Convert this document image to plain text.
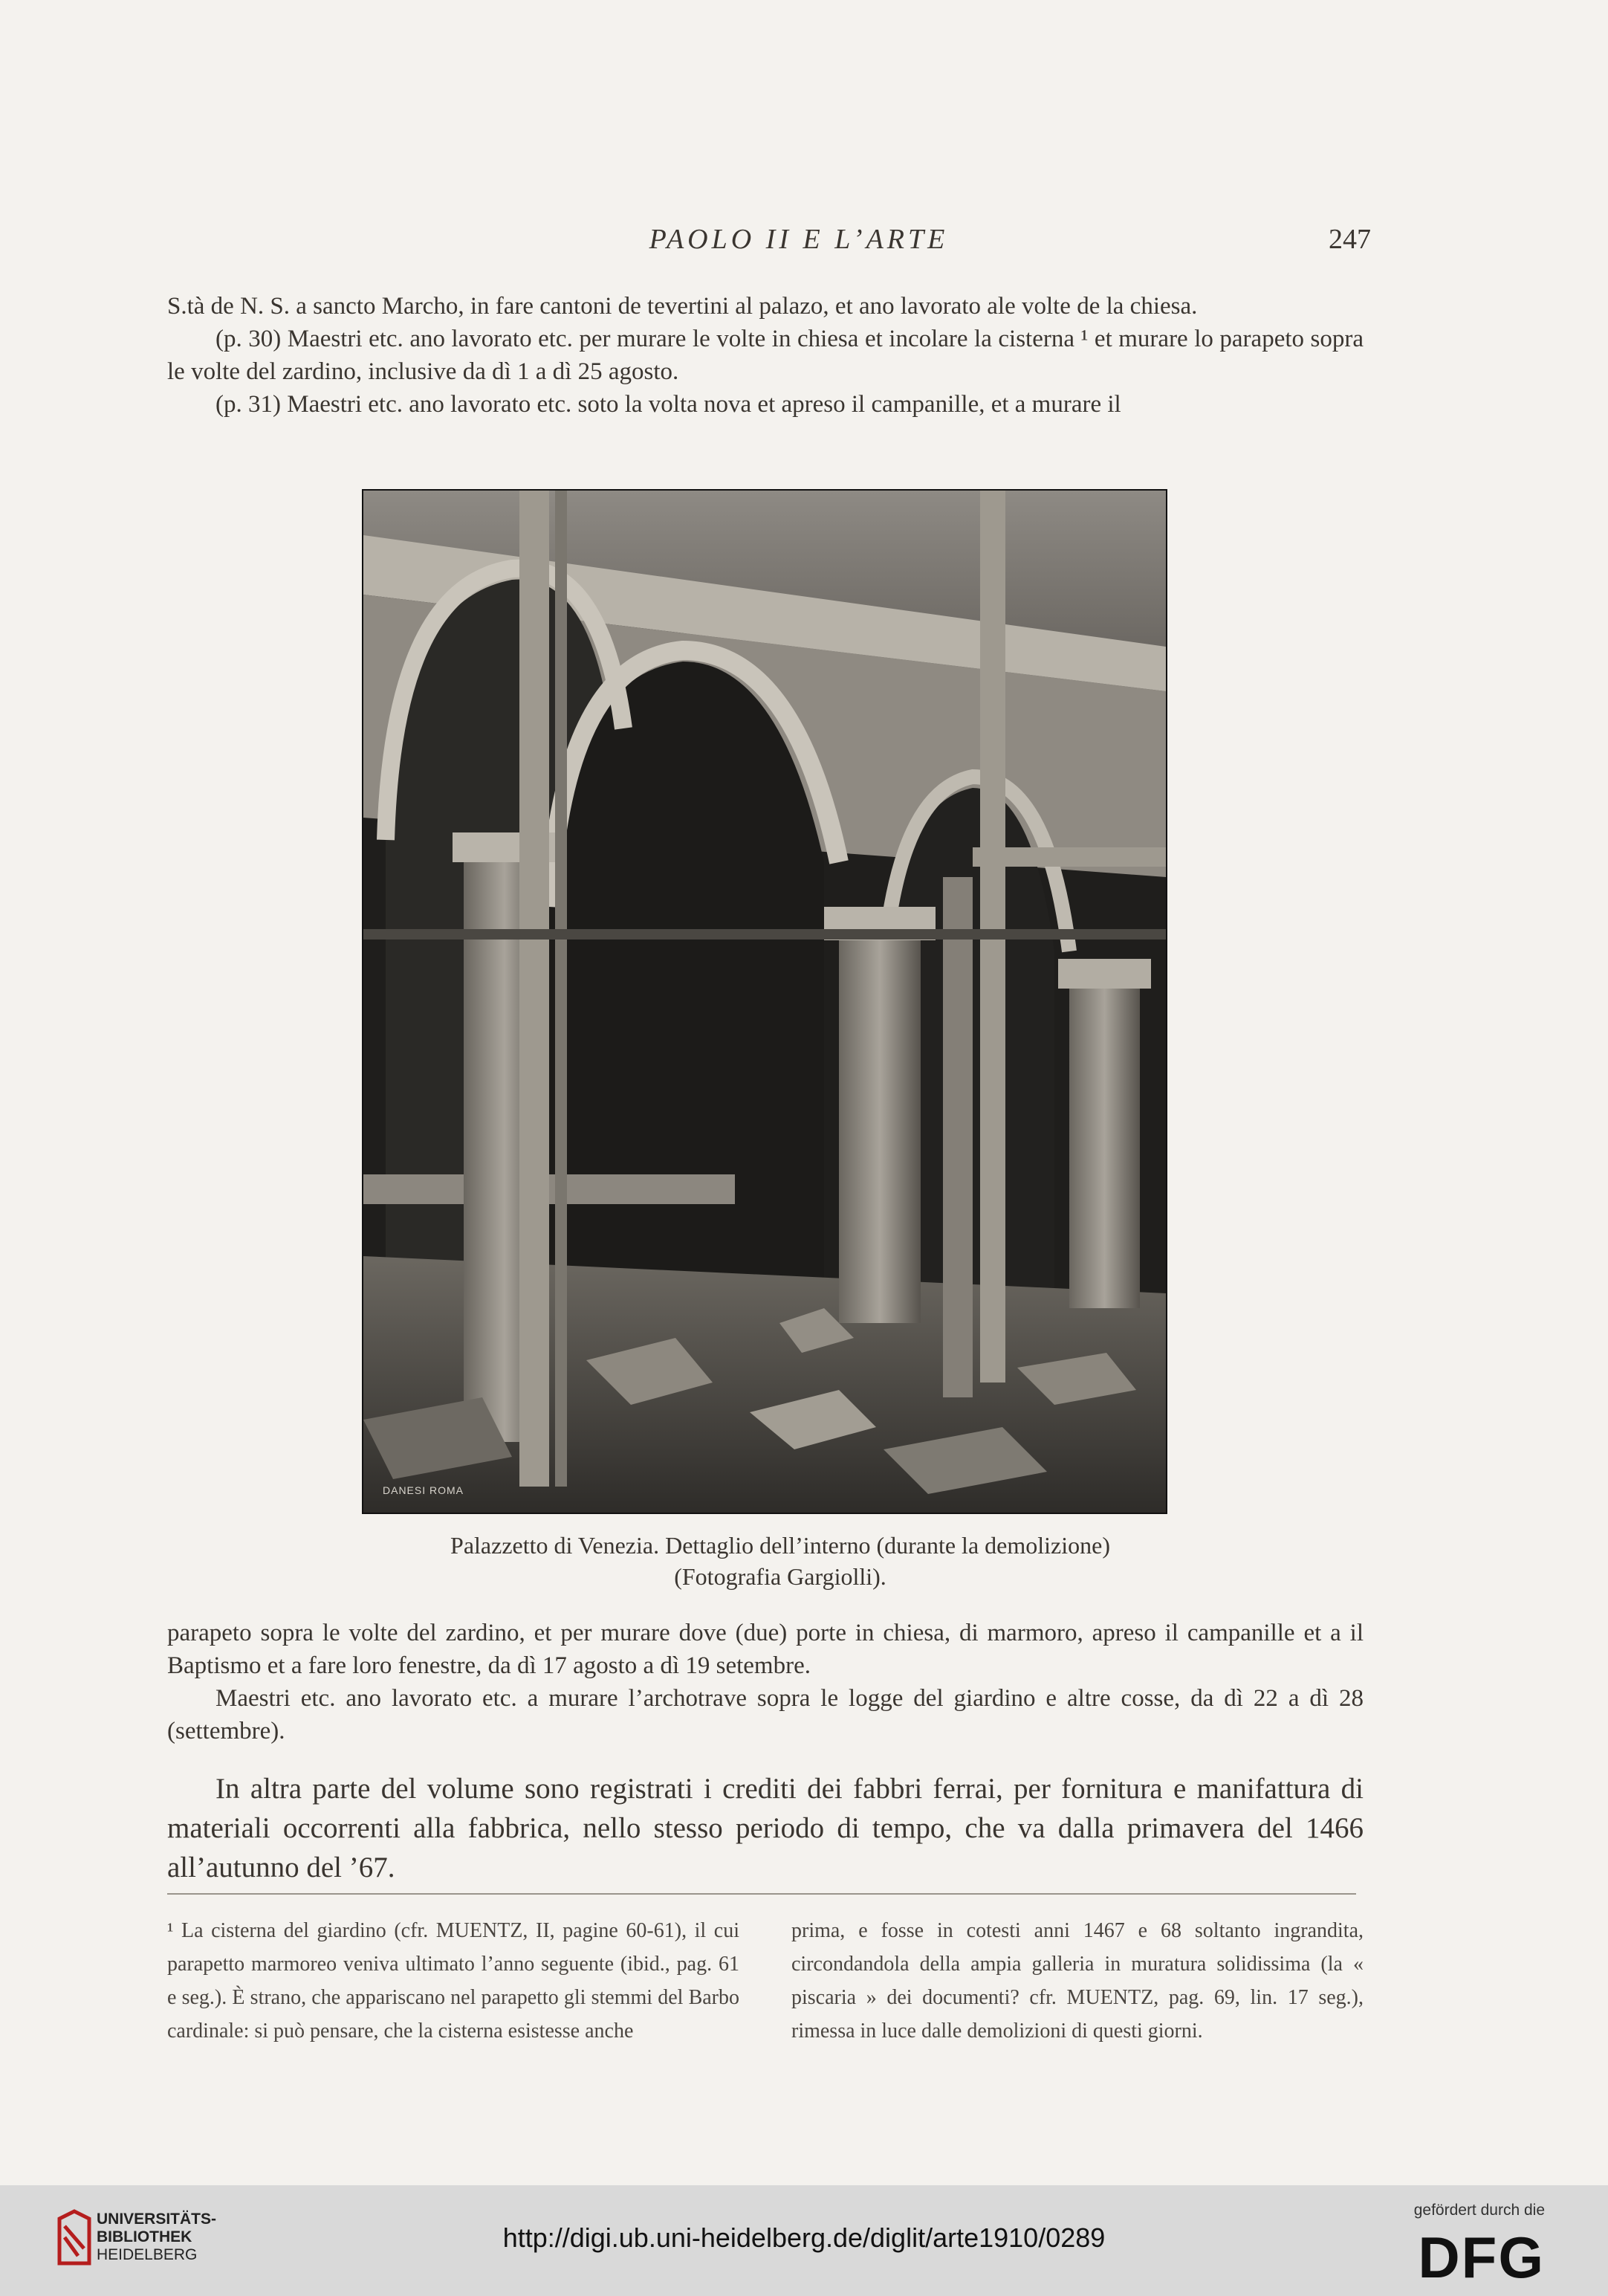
PAOLO II E L’ARTE	247

S.tà de N. S. a sancto Marcho, in fare cantoni de tevertini al palazo, et ano lavorato ale volte de la chiesa.

(p. 30) Maestri etc. ano lavorato etc. per murare le volte in chiesa et incolare la cisterna ¹ et murare lo parapeto sopra le volte del zardino, inclusive da dì 1 a dì 25 agosto.

(p. 31) Maestri etc. ano lavorato etc. soto la volta nova et apreso il campanille, et a murare il

DANESI ROMA
Palazzetto di Venezia. Dettaglio dell’interno (durante la demolizione)
(Fotografia Gargiolli).

parapeto sopra le volte del zardino, et per murare dove (due) porte in chiesa, di marmoro, apreso il campanille et a il Baptismo et a fare loro fenestre, da dì 17 agosto a dì 19 setembre.

Maestri etc. ano lavorato etc. a murare l’archotrave sopra le logge del giardino e altre cosse, da dì 22 a dì 28 (settembre).

In altra parte del volume sono registrati i crediti dei fabbri ferrai, per fornitura e manifattura di materiali occorrenti alla fabbrica, nello stesso periodo di tempo, che va dalla primavera del 1466 all’autunno del ’67.

¹ La cisterna del giardino (cfr. MUENTZ, II, pagine 60-61), il cui parapetto marmoreo veniva ultimato l’anno seguente (ibid., pag. 61 e seg.). È strano, che appariscano nel parapetto gli stemmi del Barbo cardinale: si può pensare, che la cisterna esistesse anche

prima, e fosse in cotesti anni 1467 e 68 soltanto ingrandita, circondandola della ampia galleria in muratura solidissima (la « piscaria » dei documenti? cfr. MUENTZ, pag. 69, lin. 17 seg.), rimessa in luce dalle demolizioni di questi giorni.

UNIVERSITÄTS-
BIBLIOTHEK
HEIDELBERG
http://digi.ub.uni-heidelberg.de/diglit/arte1910/0289
gefördert durch die
DFG
